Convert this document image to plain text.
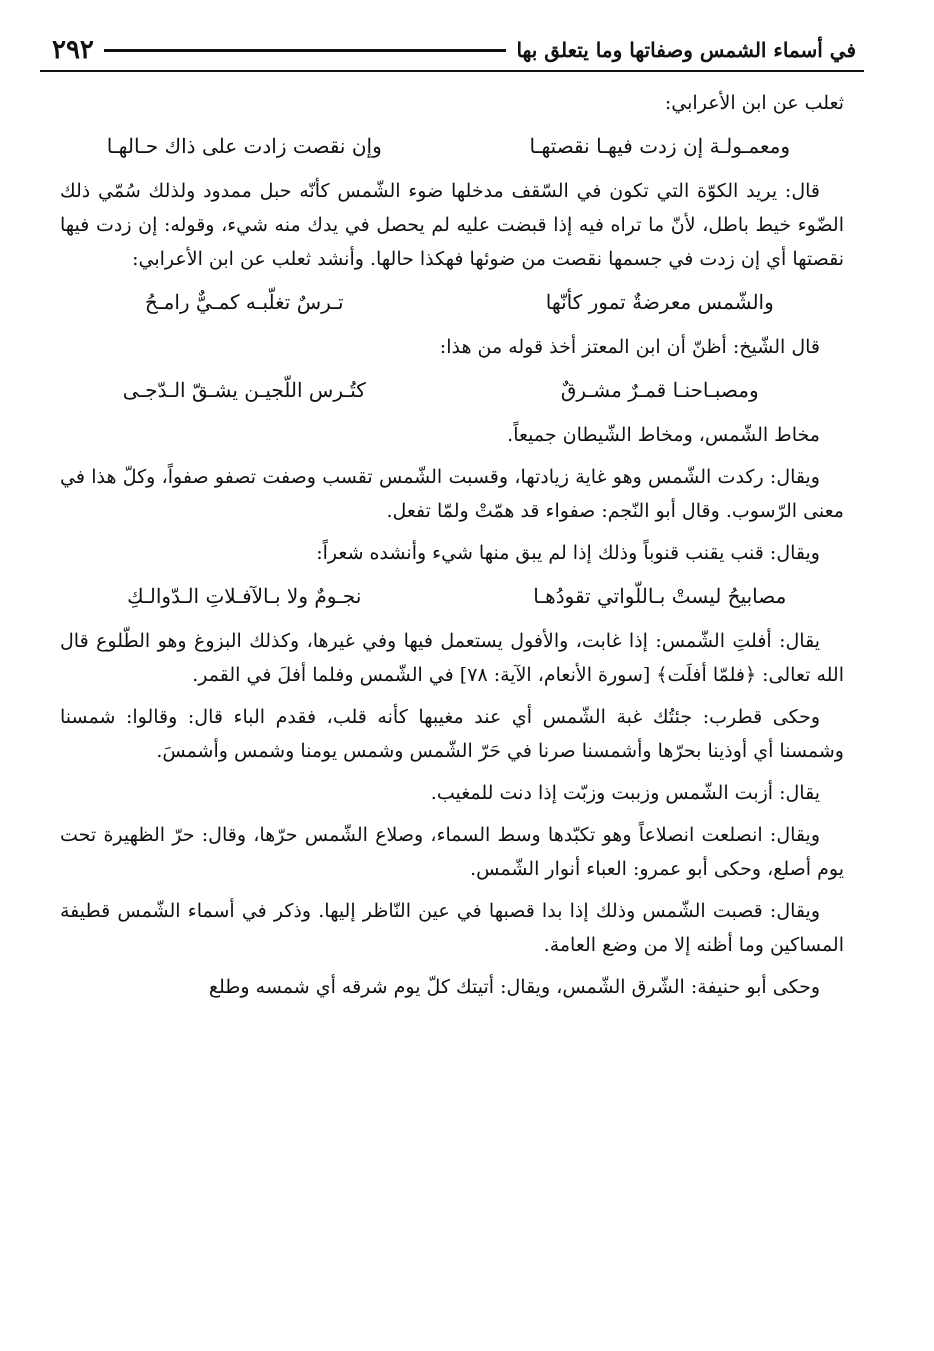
في أسماء الشمس وصفاتها وما يتعلق بها
٢٩٢

ثعلب عن ابن الأعرابي:

ومعمـولـة إن زدت فيهـا نقصتهـا
وإن نقصت زادت على ذاك حـالهـا

قال: يريد الكوّة التي تكون في السّقف مدخلها ضوء الشّمس كأنّه حبل ممدود ولذلك سُمّي ذلك الضّوء خيط باطل، لأنّ ما تراه فيه إذا قبضت عليه لم يحصل في يدك منه شيء، وقوله: إن زدت فيها نقصتها أي إن زدت في جسمها نقصت من ضوئها فهكذا حالها. وأنشد ثعلب عن ابن الأعرابي:

والشّمس معرضةٌ تمور كأنّها
تـرسٌ تغلّبـه كمـيٌّ رامـحُ

قال الشّيخ: أظنّ أن ابن المعتز أخذ قوله من هذا:

ومصبـاحنـا قمـرٌ مشـرقٌ
كتُـرس اللّجيـن يشـقّ الـدّجـى

مخاط الشّمس، ومخاط الشّيطان جميعاً.

ويقال: ركدت الشّمس وهو غاية زيادتها، وقسبت الشّمس تقسب وصفت تصفو صفواً، وكلّ هذا في معنى الرّسوب. وقال أبو النّجم: صفواء قد همّتْ ولمّا تفعل.

ويقال: قنب يقنب قنوباً وذلك إذا لم يبق منها شيء وأنشده شعراً:

مصابيحُ ليستْ بـاللّواتي تقودُهـا
نجـومٌ ولا بـالآفـلاتِ الـدّوالـكِ

يقال: أفلتِ الشّمس: إذا غابت، والأفول يستعمل فيها وفي غيرها، وكذلك البزوغ وهو الطّلوع قال الله تعالى: ﴿فلمّا أفلَت﴾ [سورة الأنعام، الآية: ٧٨] في الشّمس وفلما أفلَ في القمر.

وحكى قطرب: جئتُك غبة الشّمس أي عند مغيبها كأنه قلب، فقدم الباء قال: وقالوا: شمسنا وشمسنا أي أوذينا بحرّها وأشمسنا صرنا في حَرّ الشّمس وشمس يومنا وشمس وأشمسَ.

يقال: أزبت الشّمس وزببت وزبّت إذا دنت للمغيب.

ويقال: انصلعت انصلاعاً وهو تكبّدها وسط السماء، وصلاع الشّمس حرّها، وقال: حرّ الظهيرة تحت يوم أصلع، وحكى أبو عمرو: العباء أنوار الشّمس.

ويقال: قصبت الشّمس وذلك إذا بدا قصبها في عين النّاظر إليها. وذكر في أسماء الشّمس قطيفة المساكين وما أظنه إلا من وضع العامة.

وحكى أبو حنيفة: الشّرق الشّمس، ويقال: أتيتك كلّ يوم شرقه أي شمسه وطلع
